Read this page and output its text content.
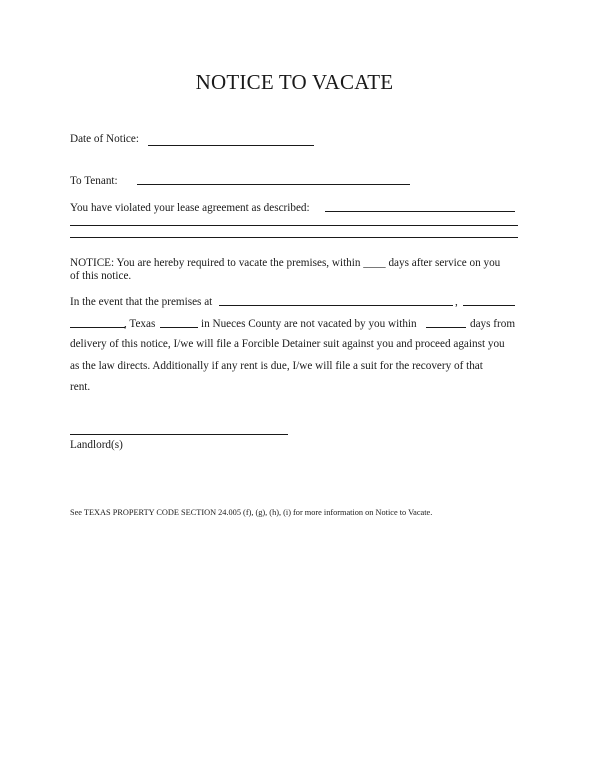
NOTICE TO VACATE
Date of Notice:
To Tenant:
You have violated your lease agreement as described:
NOTICE: You are hereby required to vacate the premises, within ____ days after service on you
of this notice.
In the event that the premises at	,
, Texas	in Nueces County are not vacated by you within	days from
delivery of this notice, I/we will file a Forcible Detainer suit against you and proceed against you
as the law directs. Additionally if any rent is due, I/we will file a suit for the recovery of that
rent.
Landlord(s)
See TEXAS PROPERTY CODE SECTION 24.005 (f), (g), (h), (i) for more information on Notice to Vacate.
